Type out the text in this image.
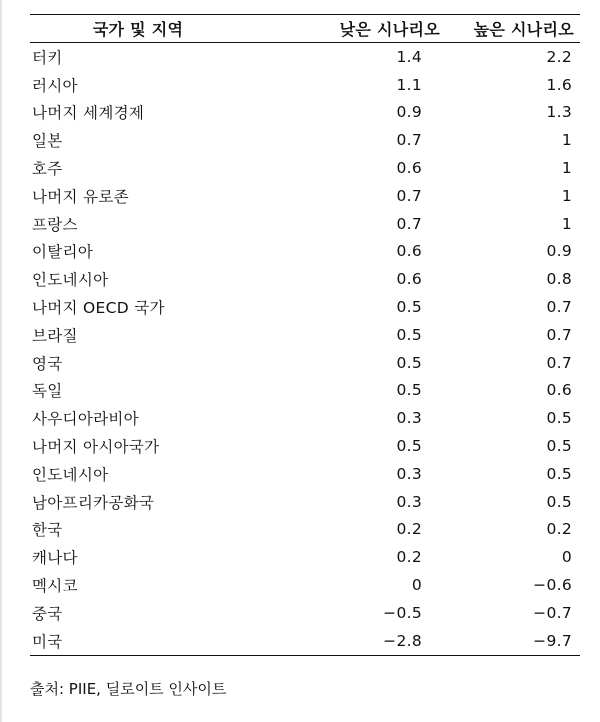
국가 및 지역	낮은 시나리오	높은 시나리오
터키	1.4	2.2
러시아	1.1	1.6
나머지 세계경제	0.9	1.3
일본	0.7	1
호주	0.6	1
나머지 유로존	0.7	1
프랑스	0.7	1
이탈리아	0.6	0.9
인도네시아	0.6	0.8
나머지 OECD 국가	0.5	0.7
브라질	0.5	0.7
영국	0.5	0.7
독일	0.5	0.6
사우디아라비아	0.3	0.5
나머지 아시아국가	0.5	0.5
인도네시아	0.3	0.5
남아프리카공화국	0.3	0.5
한국	0.2	0.2
캐나다	0.2	0
멕시코	0	−0.6
중국	−0.5	−0.7
미국	−2.8	−9.7
출처: PIIE, 딜로이트 인사이트
